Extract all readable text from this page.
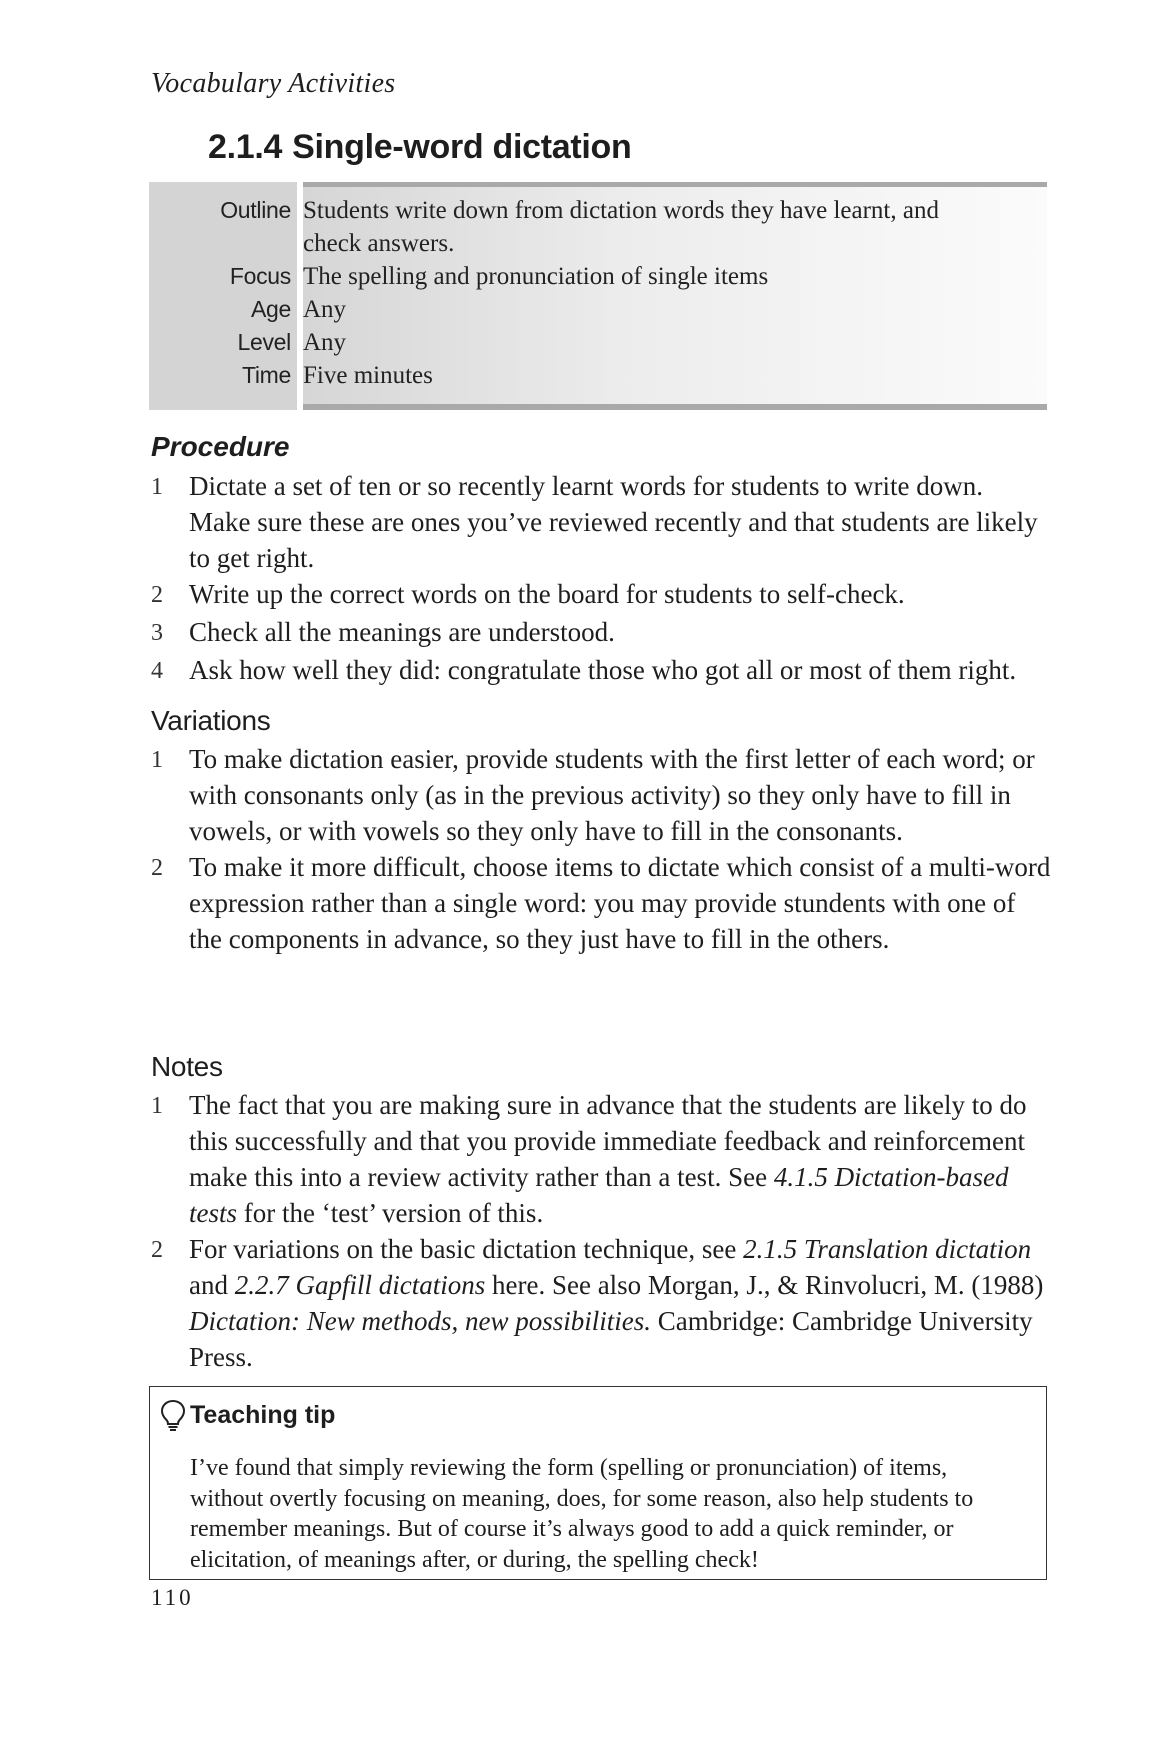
Vocabulary Activities
2.1.4 Single-word dictation
Outline Students write down from dictation words they have learnt, and check answers.
Focus The spelling and pronunciation of single items
Age Any
Level Any
Time Five minutes
Procedure
1 Dictate a set of ten or so recently learnt words for students to write down. Make sure these are ones you’ve reviewed recently and that students are likely to get right.
2 Write up the correct words on the board for students to self-check.
3 Check all the meanings are understood.
4 Ask how well they did: congratulate those who got all or most of them right.
Variations
1 To make dictation easier, provide students with the first letter of each word; or with consonants only (as in the previous activity) so they only have to fill in vowels, or with vowels so they only have to fill in the consonants.
2 To make it more difficult, choose items to dictate which consist of a multi-word expression rather than a single word: you may provide stundents with one of the components in advance, so they just have to fill in the others.
Notes
1 The fact that you are making sure in advance that the students are likely to do this successfully and that you provide immediate feedback and reinforcement make this into a review activity rather than a test. See 4.1.5 Dictation-based tests for the ‘test’ version of this.
2 For variations on the basic dictation technique, see 2.1.5 Translation dictation and 2.2.7 Gapfill dictations here. See also Morgan, J., & Rinvolucri, M. (1988) Dictation: New methods, new possibilities. Cambridge: Cambridge University Press.
Teaching tip
I’ve found that simply reviewing the form (spelling or pronunciation) of items, without overtly focusing on meaning, does, for some reason, also help students to remember meanings. But of course it’s always good to add a quick reminder, or elicitation, of meanings after, or during, the spelling check!
110
